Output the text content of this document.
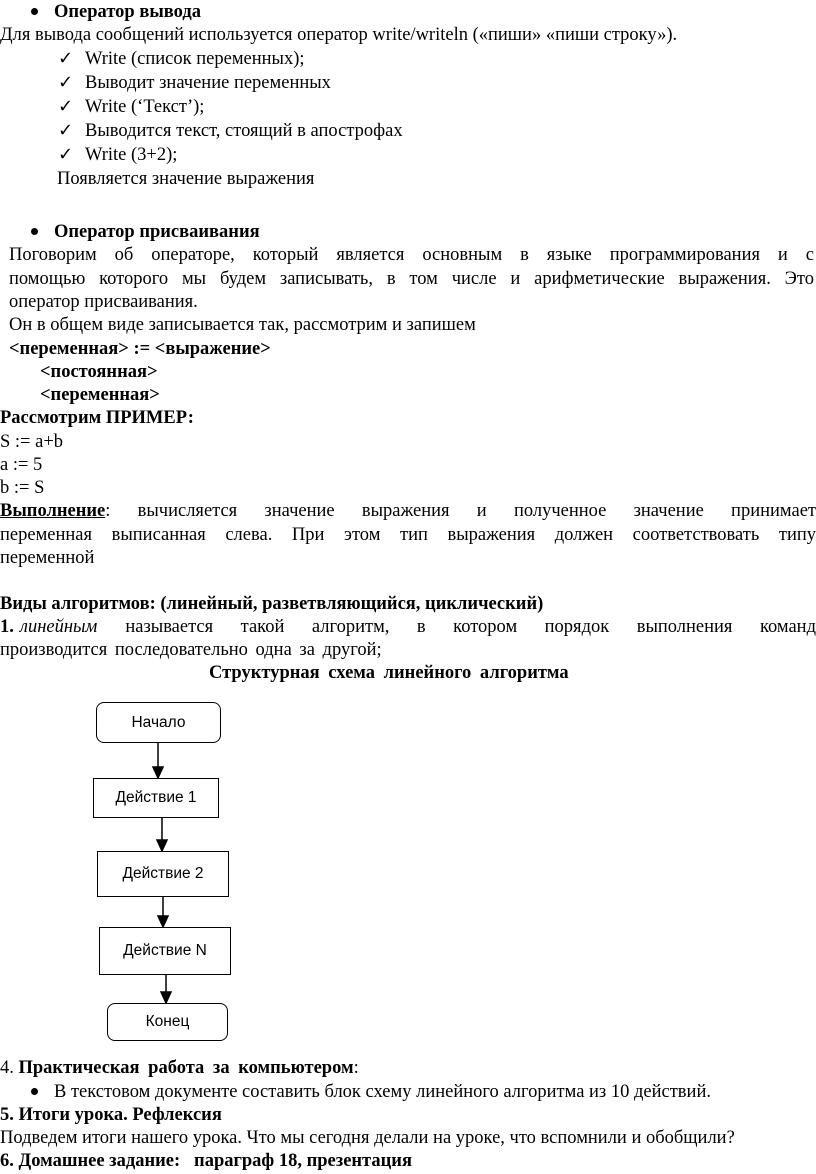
Оператор вывода
Для вывода сообщений используется оператор write/writeln («пиши» «пиши строку»).
✓ Write (список переменных);
✓ Выводит значение переменных
✓ Write (‘Текст’);
✓ Выводится текст, стоящий в апострофах
✓ Write (3+2);
Появляется значение выражения
Оператор присваивания
Поговорим об операторе, который является основным в языке программирования и с
помощью которого мы будем записывать, в том числе и арифметические выражения. Это
оператор присваивания.
Он в общем виде записывается так, рассмотрим и запишем
<переменная> := <выражение>
<постоянная>
<переменная>
Рассмотрим ПРИМЕР:
S := a+b
a := 5
b := S
Выполнение : вычисляется значение выражения и полученное значение принимает
переменная выписанная слева. При этом тип выражения должен соответствовать типу
переменной
Виды алгоритмов: (линейный, разветвляющийся, циклический)
1. линейным называется такой алгоритм, в котором порядок выполнения команд
производится последовательно одна за другой;
Структурная схема линейного алгоритма
Начало
Действие 1
Действие 2
Действие N
Конец
4. Практическая работа за компьютером:
В текстовом документе составить блок схему линейного алгоритма из 10 действий.
5. Итоги урока. Рефлексия
Подведем итоги нашего урока. Что мы сегодня делали на уроке, что вспомнили и обобщили?
6. Домашнее задание:   параграф 18, презентация
